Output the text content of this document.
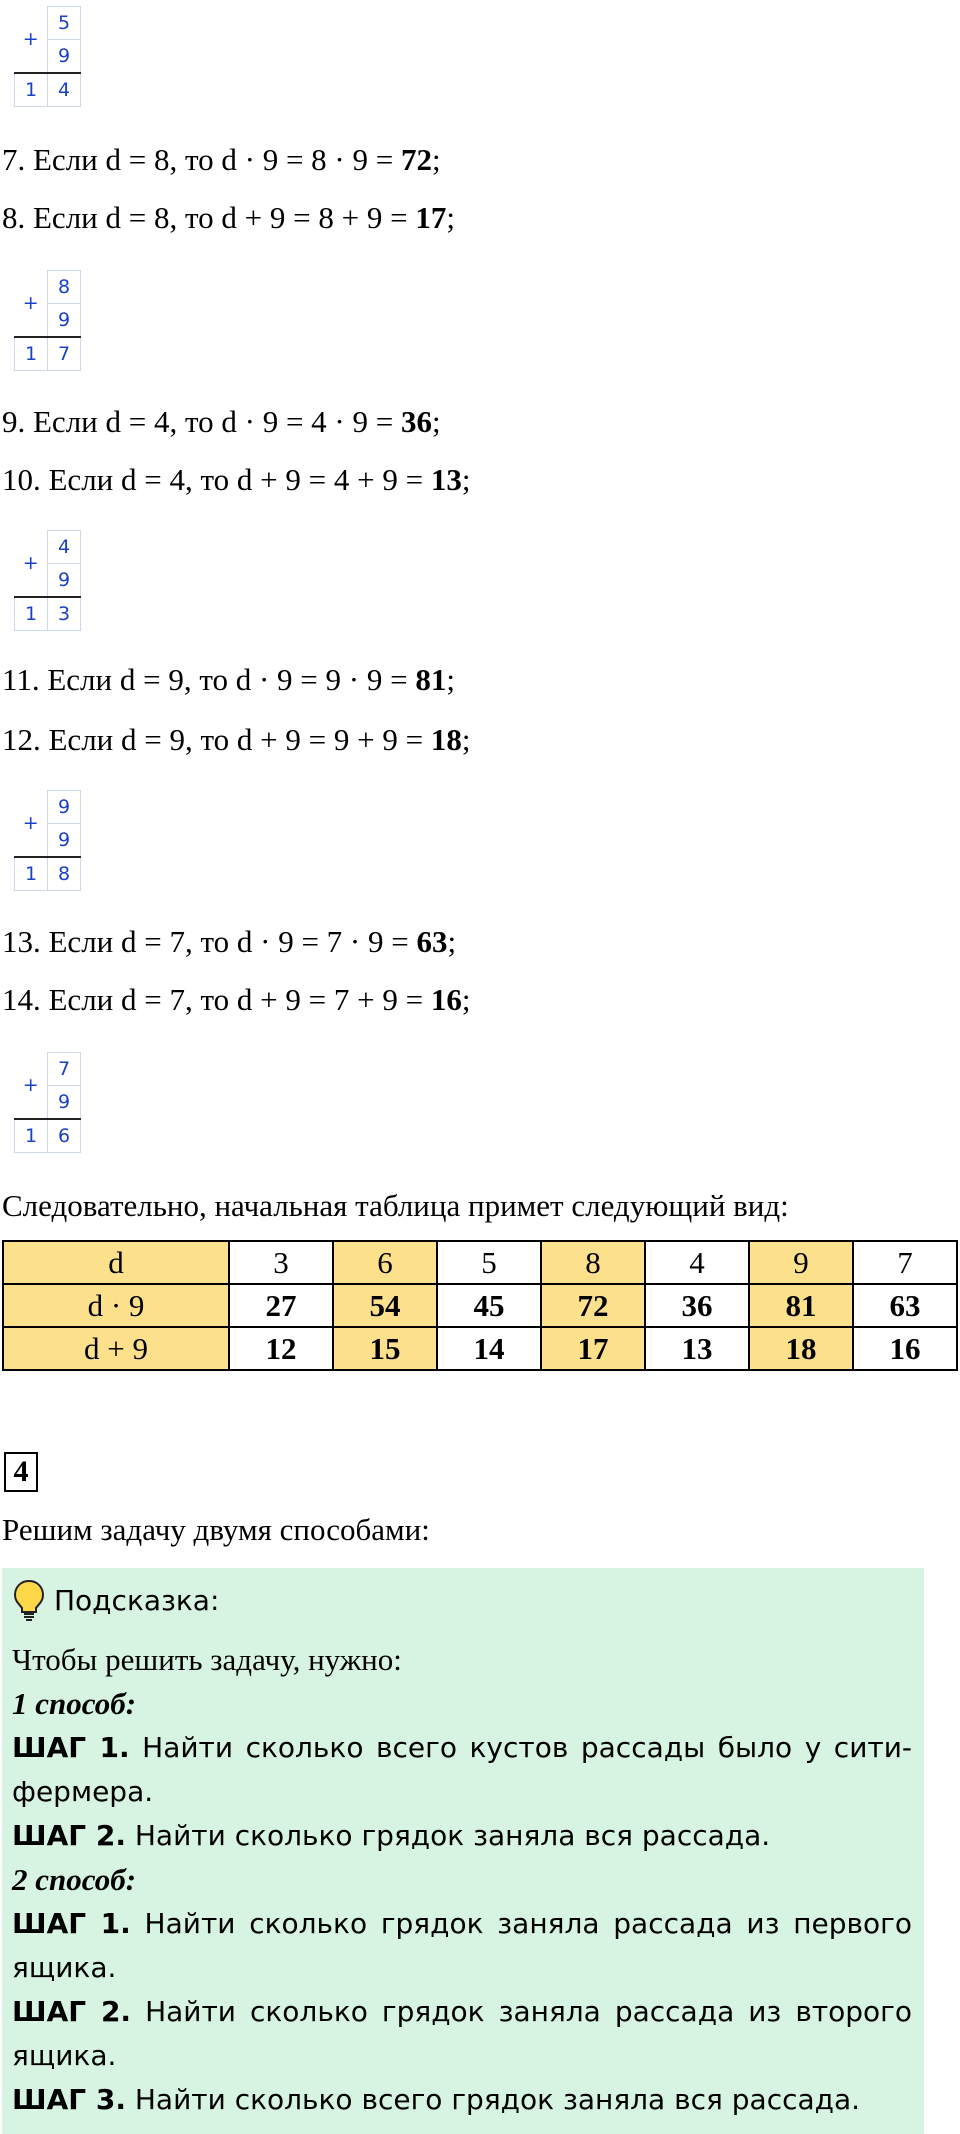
+	5
	9
1	4
7. Если d = 8, то d · 9 = 8 · 9 = 72;
8. Если d = 8, то d + 9 = 8 + 9 = 17;
+	8
	9
1	7
9. Если d = 4, то d · 9 = 4 · 9 = 36;
10. Если d = 4, то d + 9 = 4 + 9 = 13;
+	4
	9
1	3
11. Если d = 9, то d · 9 = 9 · 9 = 81;
12. Если d = 9, то d + 9 = 9 + 9 = 18;
+	9
	9
1	8
13. Если d = 7, то d · 9 = 7 · 9 = 63;
14. Если d = 7, то d + 9 = 7 + 9 = 16;
+	7
	9
1	6
Следовательно, начальная таблица примет следующий вид:
d	3	6	5	8	4	9	7
d · 9	27	54	45	72	36	81	63
d + 9	12	15	14	17	13	18	16
4
Решим задачу двумя способами:
Подсказка:

Чтобы решить задачу, нужно:

1 способ:

ШАГ 1. Найти сколько всего кустов рассады было у сити-фермера.

ШАГ 2. Найти сколько грядок заняла вся рассада.

2 способ:

ШАГ 1. Найти сколько грядок заняла рассада из первого ящика.

ШАГ 2. Найти сколько грядок заняла рассада из второго ящика.

ШАГ 3. Найти сколько всего грядок заняла вся рассада.
